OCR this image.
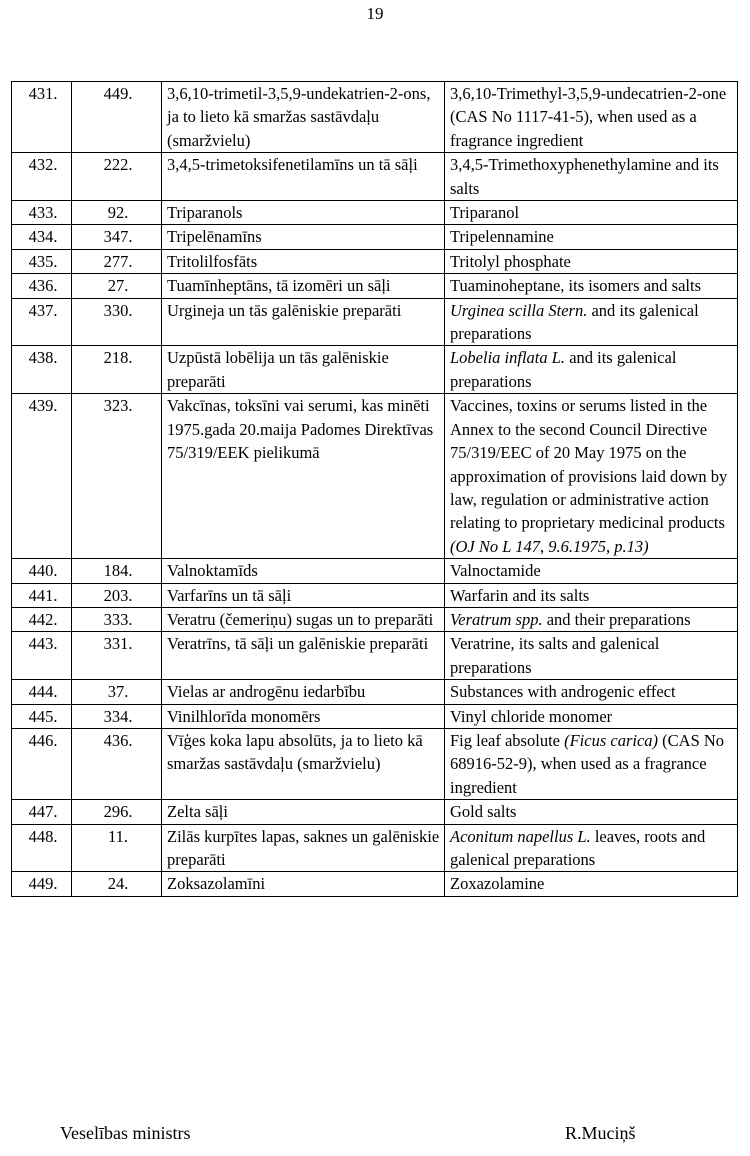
19
431.	449.	3,6,10-trimetil-3,5,9-undekatrien-2-ons, ja to lieto kā smaržas sastāvdaļu (smaržvielu)	3,6,10-Trimethyl-3,5,9-undecatrien-2-one (CAS No 1117-41-5), when used as a fragrance ingredient
432.	222.	3,4,5-trimetoksifenetilamīns un tā sāļi	3,4,5-Trimethoxyphenethylamine and its salts
433.	92.	Triparanols	Triparanol
434.	347.	Tripelēnamīns	Tripelennamine
435.	277.	Tritolilfosfāts	Tritolyl phosphate
436.	27.	Tuamīnheptāns, tā izomēri un sāļi	Tuaminoheptane, its isomers and salts
437.	330.	Urgineja un tās galēniskie preparāti	Urginea scilla Stern. and its galenical preparations
438.	218.	Uzpūstā lobēlija un tās galēniskie preparāti	Lobelia inflata L. and its galenical preparations
439.	323.	Vakcīnas, toksīni vai serumi, kas minēti 1975.gada 20.maija Padomes Direktīvas 75/319/EEK pielikumā	Vaccines, toxins or serums listed in the Annex to the second Council Directive 75/319/EEC of 20 May 1975 on the approximation of provisions laid down by law, regulation or administrative action relating to proprietary medicinal products (OJ No L 147, 9.6.1975, p.13)
440.	184.	Valnoktamīds	Valnoctamide
441.	203.	Varfarīns un tā sāļi	Warfarin and its salts
442.	333.	Veratru (čemeriņu) sugas un to preparāti	Veratrum spp. and their preparations
443.	331.	Veratrīns, tā sāļi un galēniskie preparāti	Veratrine, its salts and galenical preparations
444.	37.	Vielas ar androgēnu iedarbību	Substances with androgenic effect
445.	334.	Vinilhlorīda monomērs	Vinyl chloride monomer
446.	436.	Vīģes koka lapu absolūts, ja to lieto kā smaržas sastāvdaļu (smaržvielu)	Fig leaf absolute (Ficus carica) (CAS No 68916-52-9), when used as a fragrance ingredient
447.	296.	Zelta sāļi	Gold salts
448.	11.	Zilās kurpītes lapas, saknes un galēniskie preparāti	Aconitum napellus L. leaves, roots and galenical preparations
449.	24.	Zoksazolamīni	Zoxazolamine
Veselības ministrs	R.Muciņš
